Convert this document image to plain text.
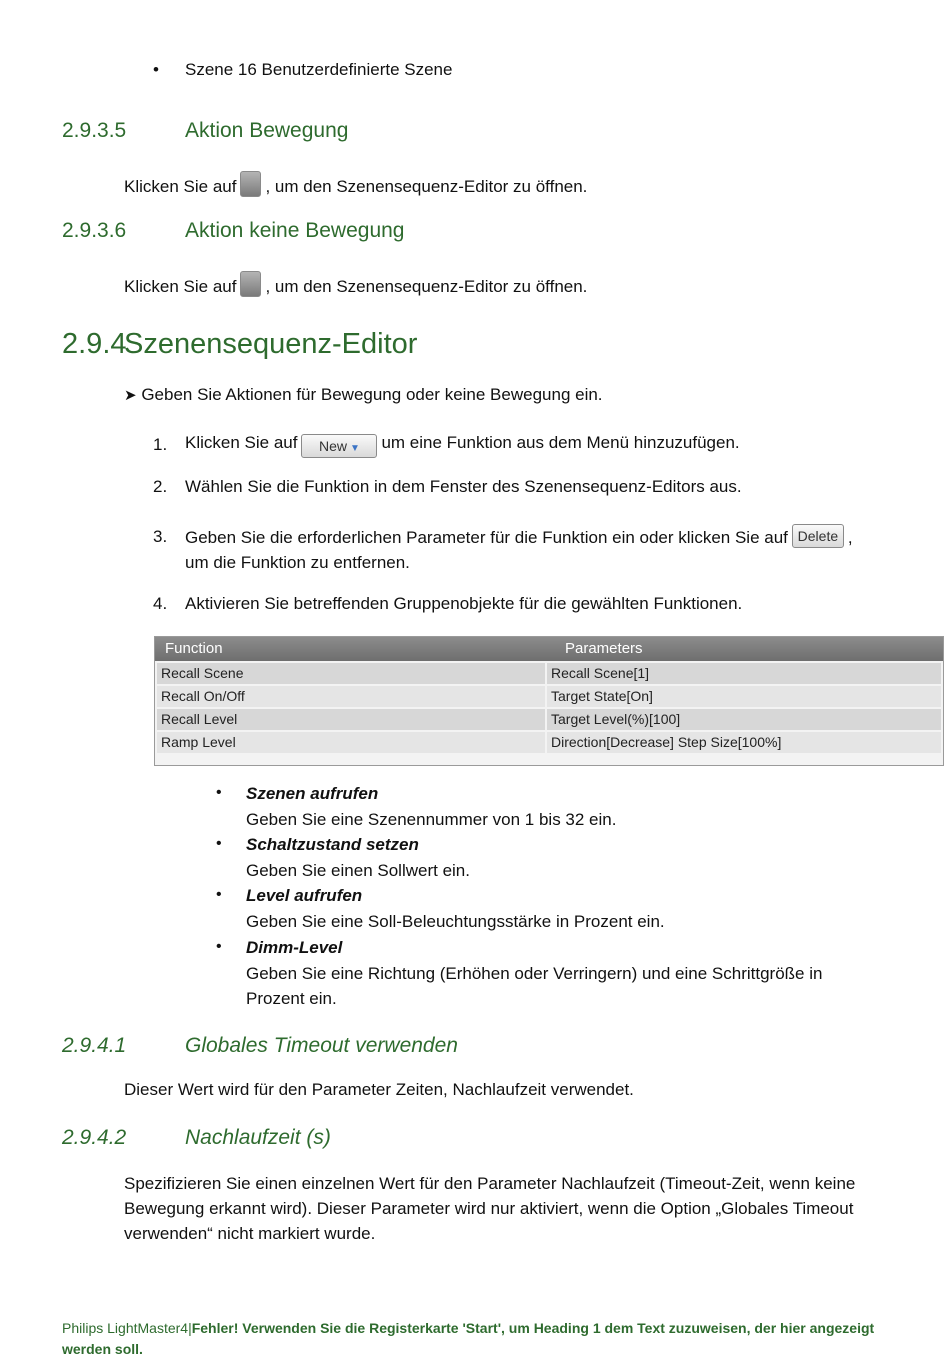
• Szene 16 Benutzerdefinierte Szene
2.9.3.5	Aktion Bewegung
Klicken Sie auf , um den Szenensequenz-Editor zu öffnen.
2.9.3.6	Aktion keine Bewegung
Klicken Sie auf , um den Szenensequenz-Editor zu öffnen.
2.9.4
Szenensequenz-Editor
➤ Geben Sie Aktionen für Bewegung oder keine Bewegung ein.
1. Klicken Sie auf New ▼ um eine Funktion aus dem Menü hinzuzufügen.
2. Wählen Sie die Funktion in dem Fenster des Szenensequenz-Editors aus.
3. Geben Sie die erforderlichen Parameter für die Funktion ein oder klicken Sie auf Delete ,
um die Funktion zu entfernen.
4. Aktivieren Sie betreffenden Gruppenobjekte für die gewählten Funktionen.
Function	Parameters
Recall Scene	Recall Scene[1]
Recall On/Off	Target State[On]
Recall Level	Target Level(%)[100]
Ramp Level	Direction[Decrease] Step Size[100%]
• Szenen aufrufen
Geben Sie eine Szenennummer von 1 bis 32 ein.
• Schaltzustand setzen
Geben Sie einen Sollwert ein.
• Level aufrufen
Geben Sie eine Soll-Beleuchtungsstärke in Prozent ein.
• Dimm-Level
Geben Sie eine Richtung (Erhöhen oder Verringern) und eine Schrittgröße in Prozent ein.
2.9.4.1	Globales Timeout verwenden
Dieser Wert wird für den Parameter Zeiten, Nachlaufzeit verwendet.
2.9.4.2	Nachlaufzeit (s)
Spezifizieren Sie einen einzelnen Wert für den Parameter Nachlaufzeit (Timeout-Zeit, wenn keine Bewegung erkannt wird). Dieser Parameter wird nur aktiviert, wenn die Option „Globales Timeout verwenden“ nicht markiert wurde.
Philips LightMaster4|Fehler! Verwenden Sie die Registerkarte 'Start', um Heading 1 dem Text zuzuweisen, der hier angezeigt werden soll.
